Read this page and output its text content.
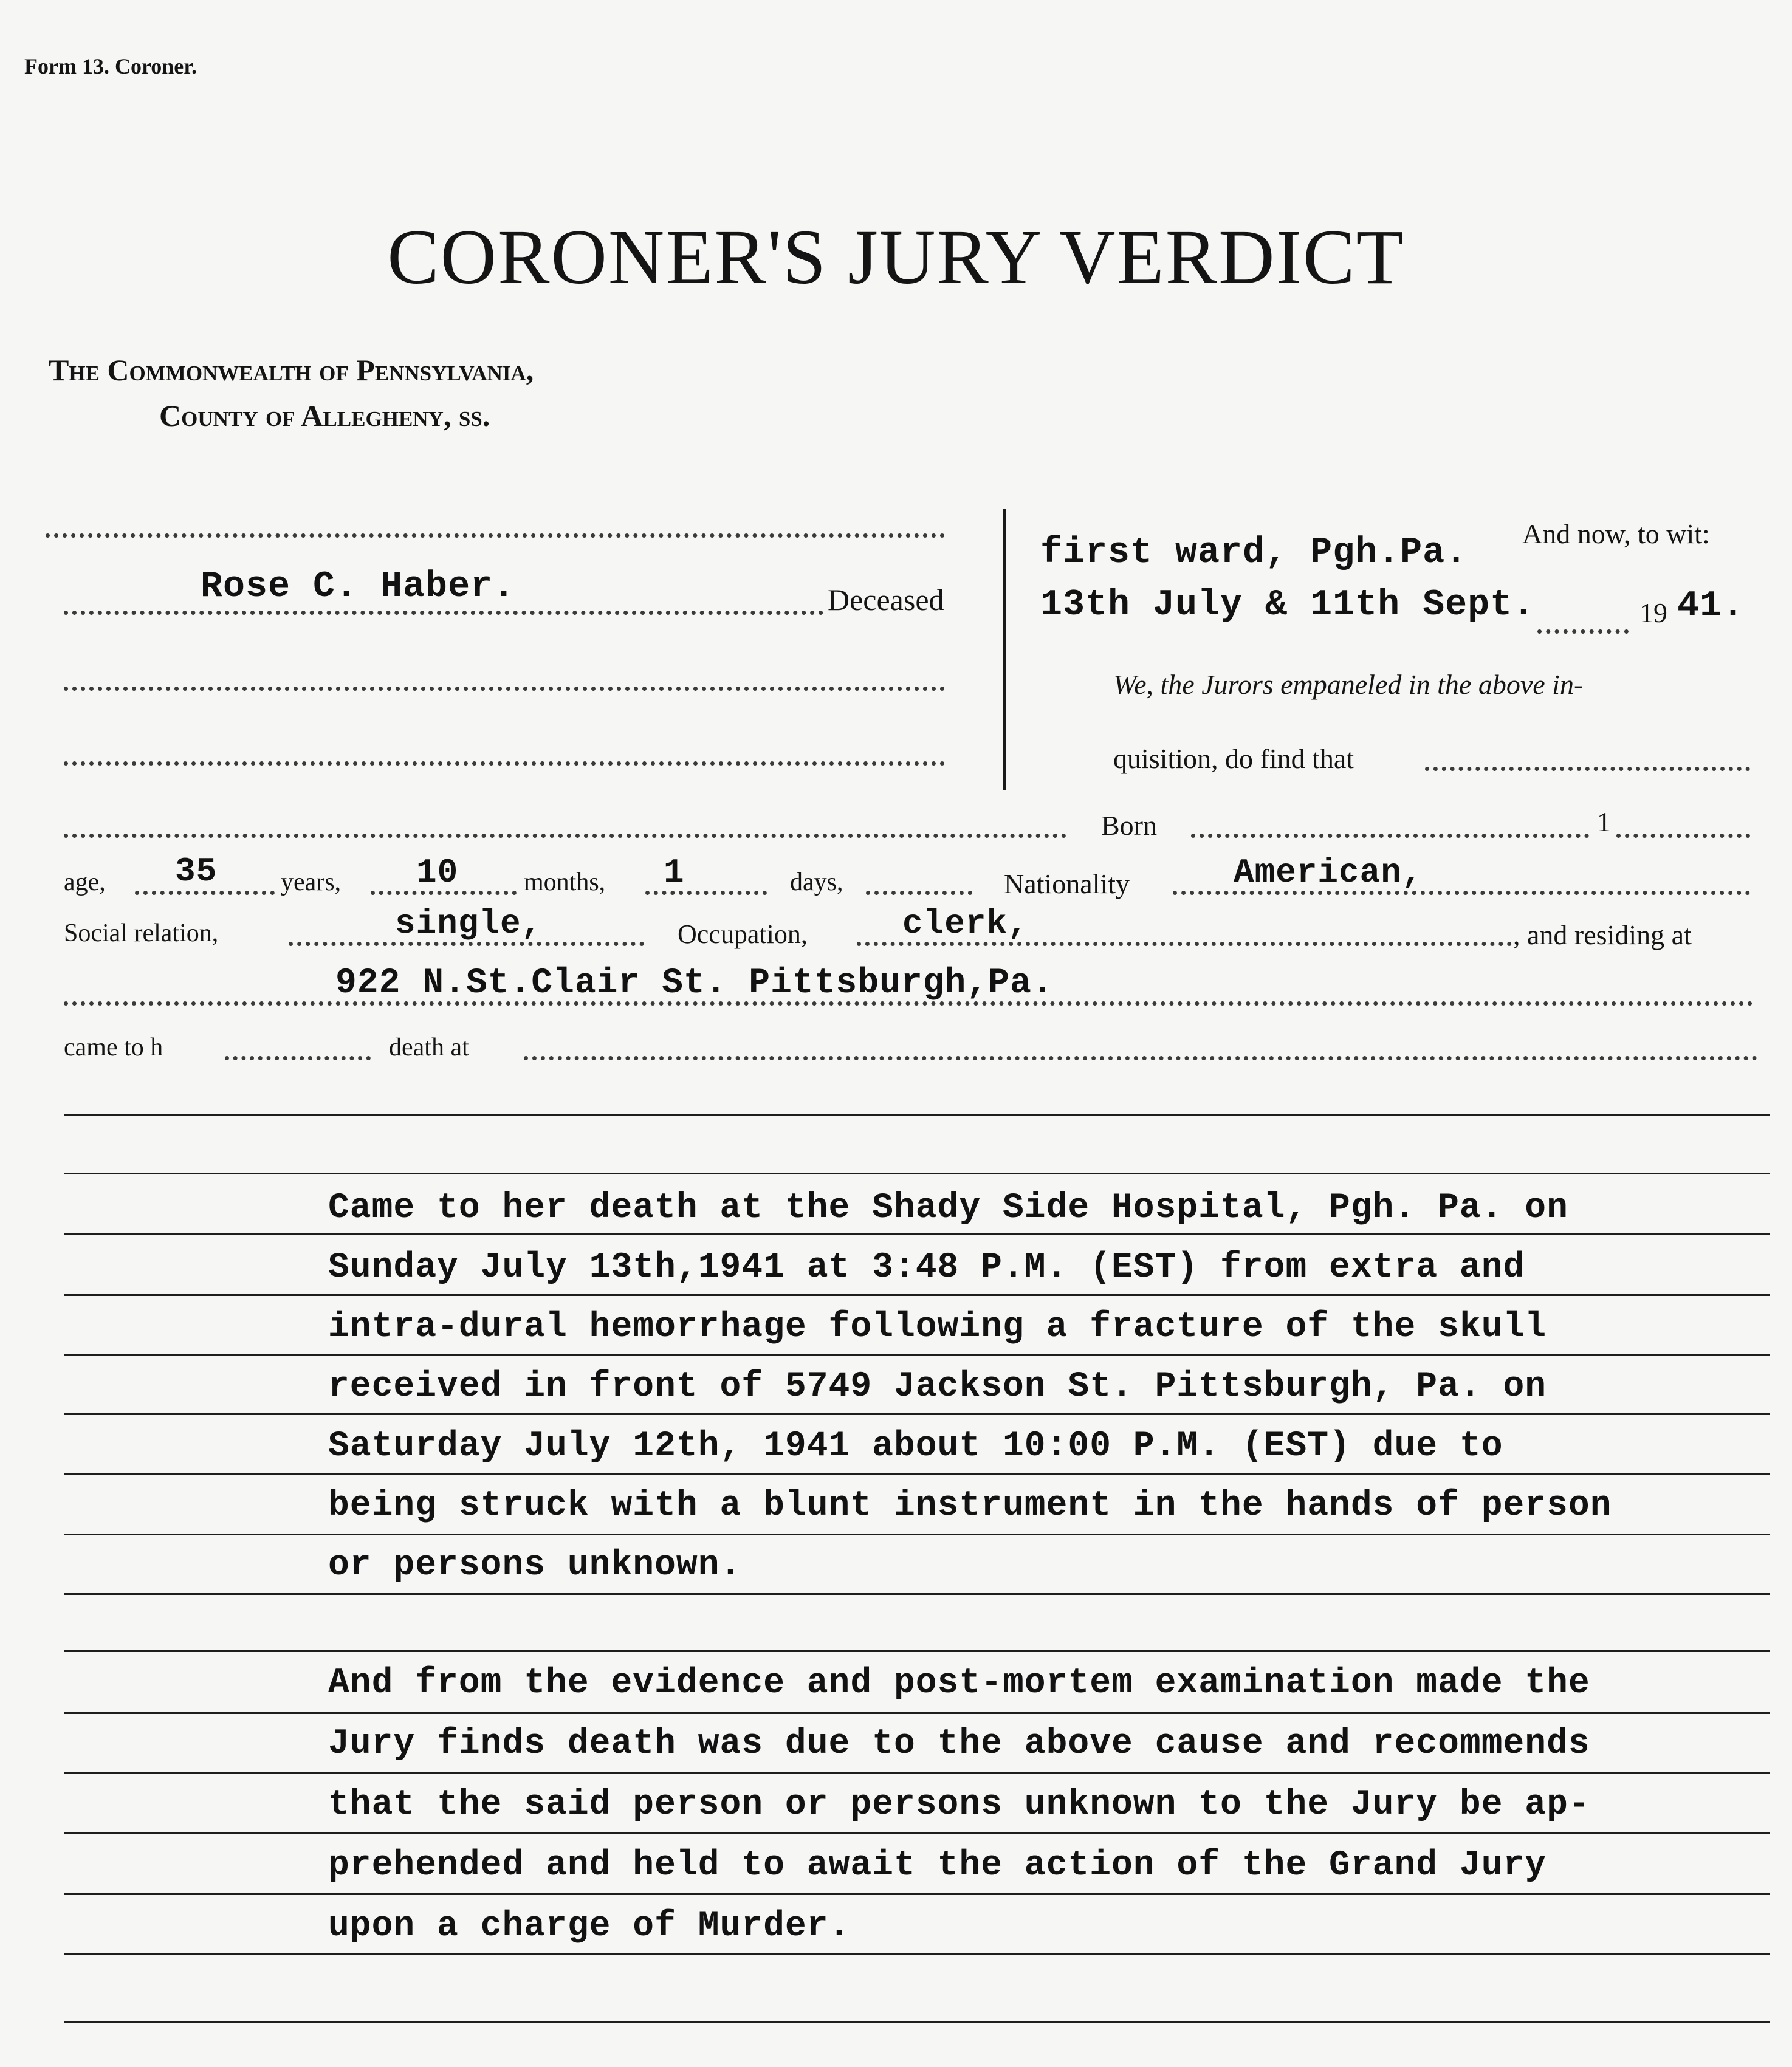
Form 13. Coroner.
CORONER'S JURY VERDICT
The Commonwealth of Pennsylvania,
County of Allegheny, ss.
Rose C. Haber.	Deceased
And now, to wit:
first ward, Pgh.Pa.
13th July & 11th Sept.	19 41.
We, the Jurors empaneled in the above in-
quisition, do find that
Born	1
age, 35 years, 10	months, 1	days,	Nationality	American,
Social relation,	single,	Occupation,	clerk,	, and residing at
922 N.St.Clair St. Pittsburgh,Pa.
came to h	death at
Came to her death at the Shady Side Hospital, Pgh. Pa. on
Sunday July 13th,1941 at 3:48 P.M. (EST) from extra and
intra-dural hemorrhage following a fracture of the skull
received in front of 5749 Jackson St. Pittsburgh, Pa. on
Saturday July 12th, 1941 about 10:00 P.M. (EST) due to
being struck with a blunt instrument in the hands of person
or persons unknown.
And from the evidence and post-mortem examination made the
Jury finds death was due to the above cause and recommends
that the said person or persons unknown to the Jury be ap-
prehended and held to await the action of the Grand Jury
upon a charge of Murder.
